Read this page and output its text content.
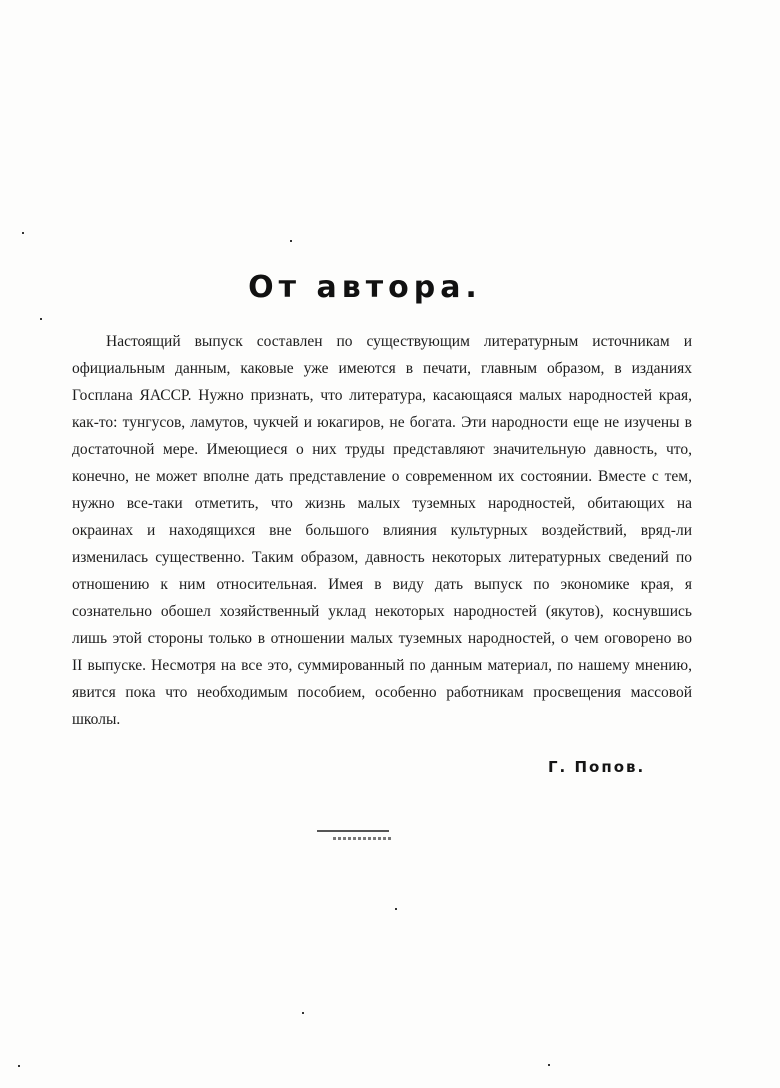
От автора.

Настоящий выпуск составлен по существующим литературным источникам и официальным данным, каковые уже имеются в печати, главным образом, в изданиях Госплана ЯАССР. Нужно признать, что литература, касающаяся малых народностей края, как-то: тунгусов, ламутов, чукчей и юкагиров, не богата. Эти народности еще не изучены в достаточной мере. Имеющиеся о них труды представляют значительную давность, что, конечно, не может вполне дать представление о современном их состоянии. Вместе с тем, нужно все-таки отметить, что жизнь малых туземных народностей, обитающих на окраинах и находящихся вне большого влияния культурных воздействий, вряд-ли изменилась существенно. Таким образом, давность некоторых литературных сведений по отношению к ним относительная. Имея в виду дать выпуск по экономике края, я сознательно обошел хозяйственный уклад некоторых народностей (якутов), коснувшись лишь этой стороны только в отношении малых туземных народностей, о чем оговорено во II выпуске. Несмотря на все это, суммированный по данным материал, по нашему мнению, явится пока что необходимым пособием, особенно работникам просвещения массовой школы.

Г. Попов.
